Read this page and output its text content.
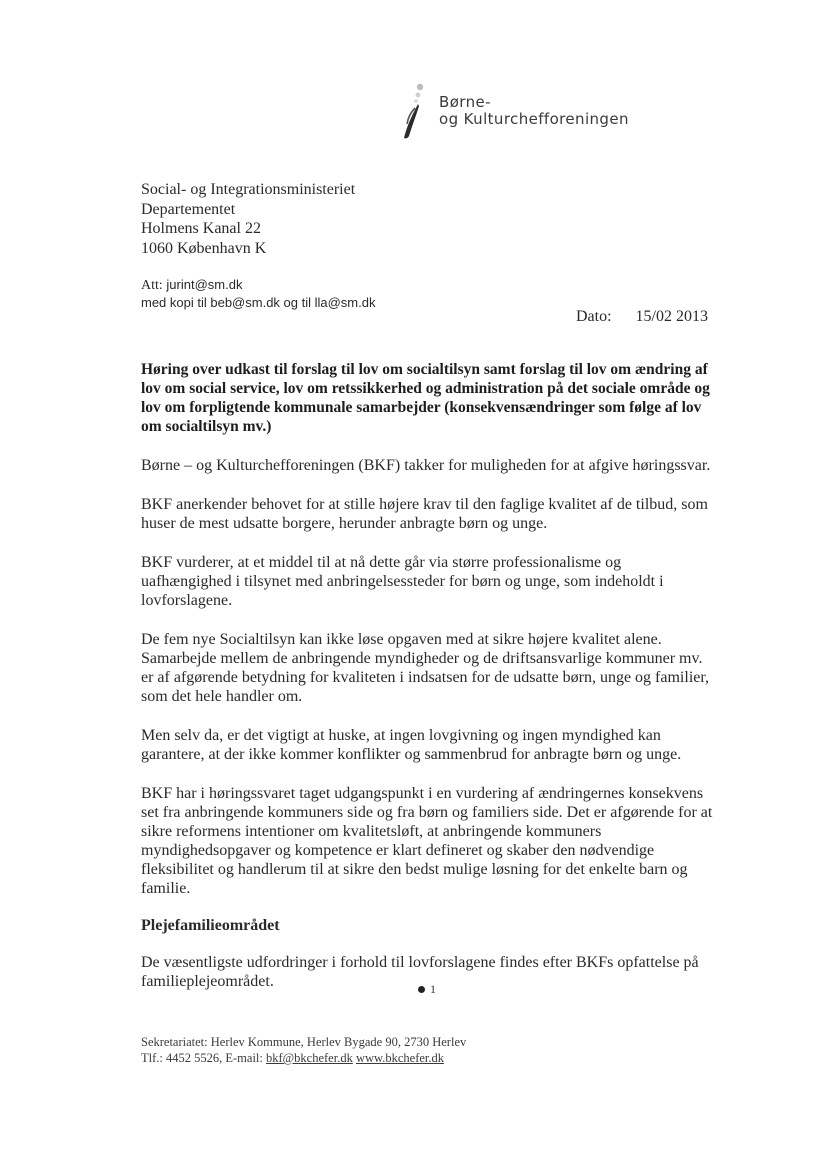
Børne-
og Kulturchefforeningen
Social- og Integrationsministeriet
Departementet
Holmens Kanal 22
1060 København K
Att: jurint@sm.dk
med kopi til beb@sm.dk og til lla@sm.dk
Dato: 15/02 2013

Høring over udkast til forslag til lov om socialtilsyn samt forslag til lov om ændring af lov om social service, lov om retssikkerhed og administration på det sociale område og lov om forpligtende kommunale samarbejder (konsekvensændringer som følge af lov om socialtilsyn mv.)

Børne – og Kulturchefforeningen (BKF) takker for muligheden for at afgive høringssvar.

BKF anerkender behovet for at stille højere krav til den faglige kvalitet af de tilbud, som huser de mest udsatte borgere, herunder anbragte børn og unge.

BKF vurderer, at et middel til at nå dette går via større professionalisme og uafhængighed i tilsynet med anbringelsessteder for børn og unge, som indeholdt i lovforslagene.

De fem nye Socialtilsyn kan ikke løse opgaven med at sikre højere kvalitet alene. Samarbejde mellem de anbringende myndigheder og de driftsansvarlige kommuner mv. er af afgørende betydning for kvaliteten i indsatsen for de udsatte børn, unge og familier, som det hele handler om.

Men selv da, er det vigtigt at huske, at ingen lovgivning og ingen myndighed kan garantere, at der ikke kommer konflikter og sammenbrud for anbragte børn og unge.

BKF har i høringssvaret taget udgangspunkt i en vurdering af ændringernes konsekvens set fra anbringende kommuners side og fra børn og familiers side. Det er afgørende for at sikre reformens intentioner om kvalitetsløft, at anbringende kommuners myndighedsopgaver og kompetence er klart defineret og skaber den nødvendige fleksibilitet og handlerum til at sikre den bedst mulige løsning for det enkelte barn og familie.

Plejefamilieområdet

De væsentligste udfordringer i forhold til lovforslagene findes efter BKFs opfattelse på familieplejeområdet.	1
Sekretariatet: Herlev Kommune, Herlev Bygade 90, 2730 Herlev
Tlf.: 4452 5526, E-mail: bkf@bkchefer.dk www.bkchefer.dk
